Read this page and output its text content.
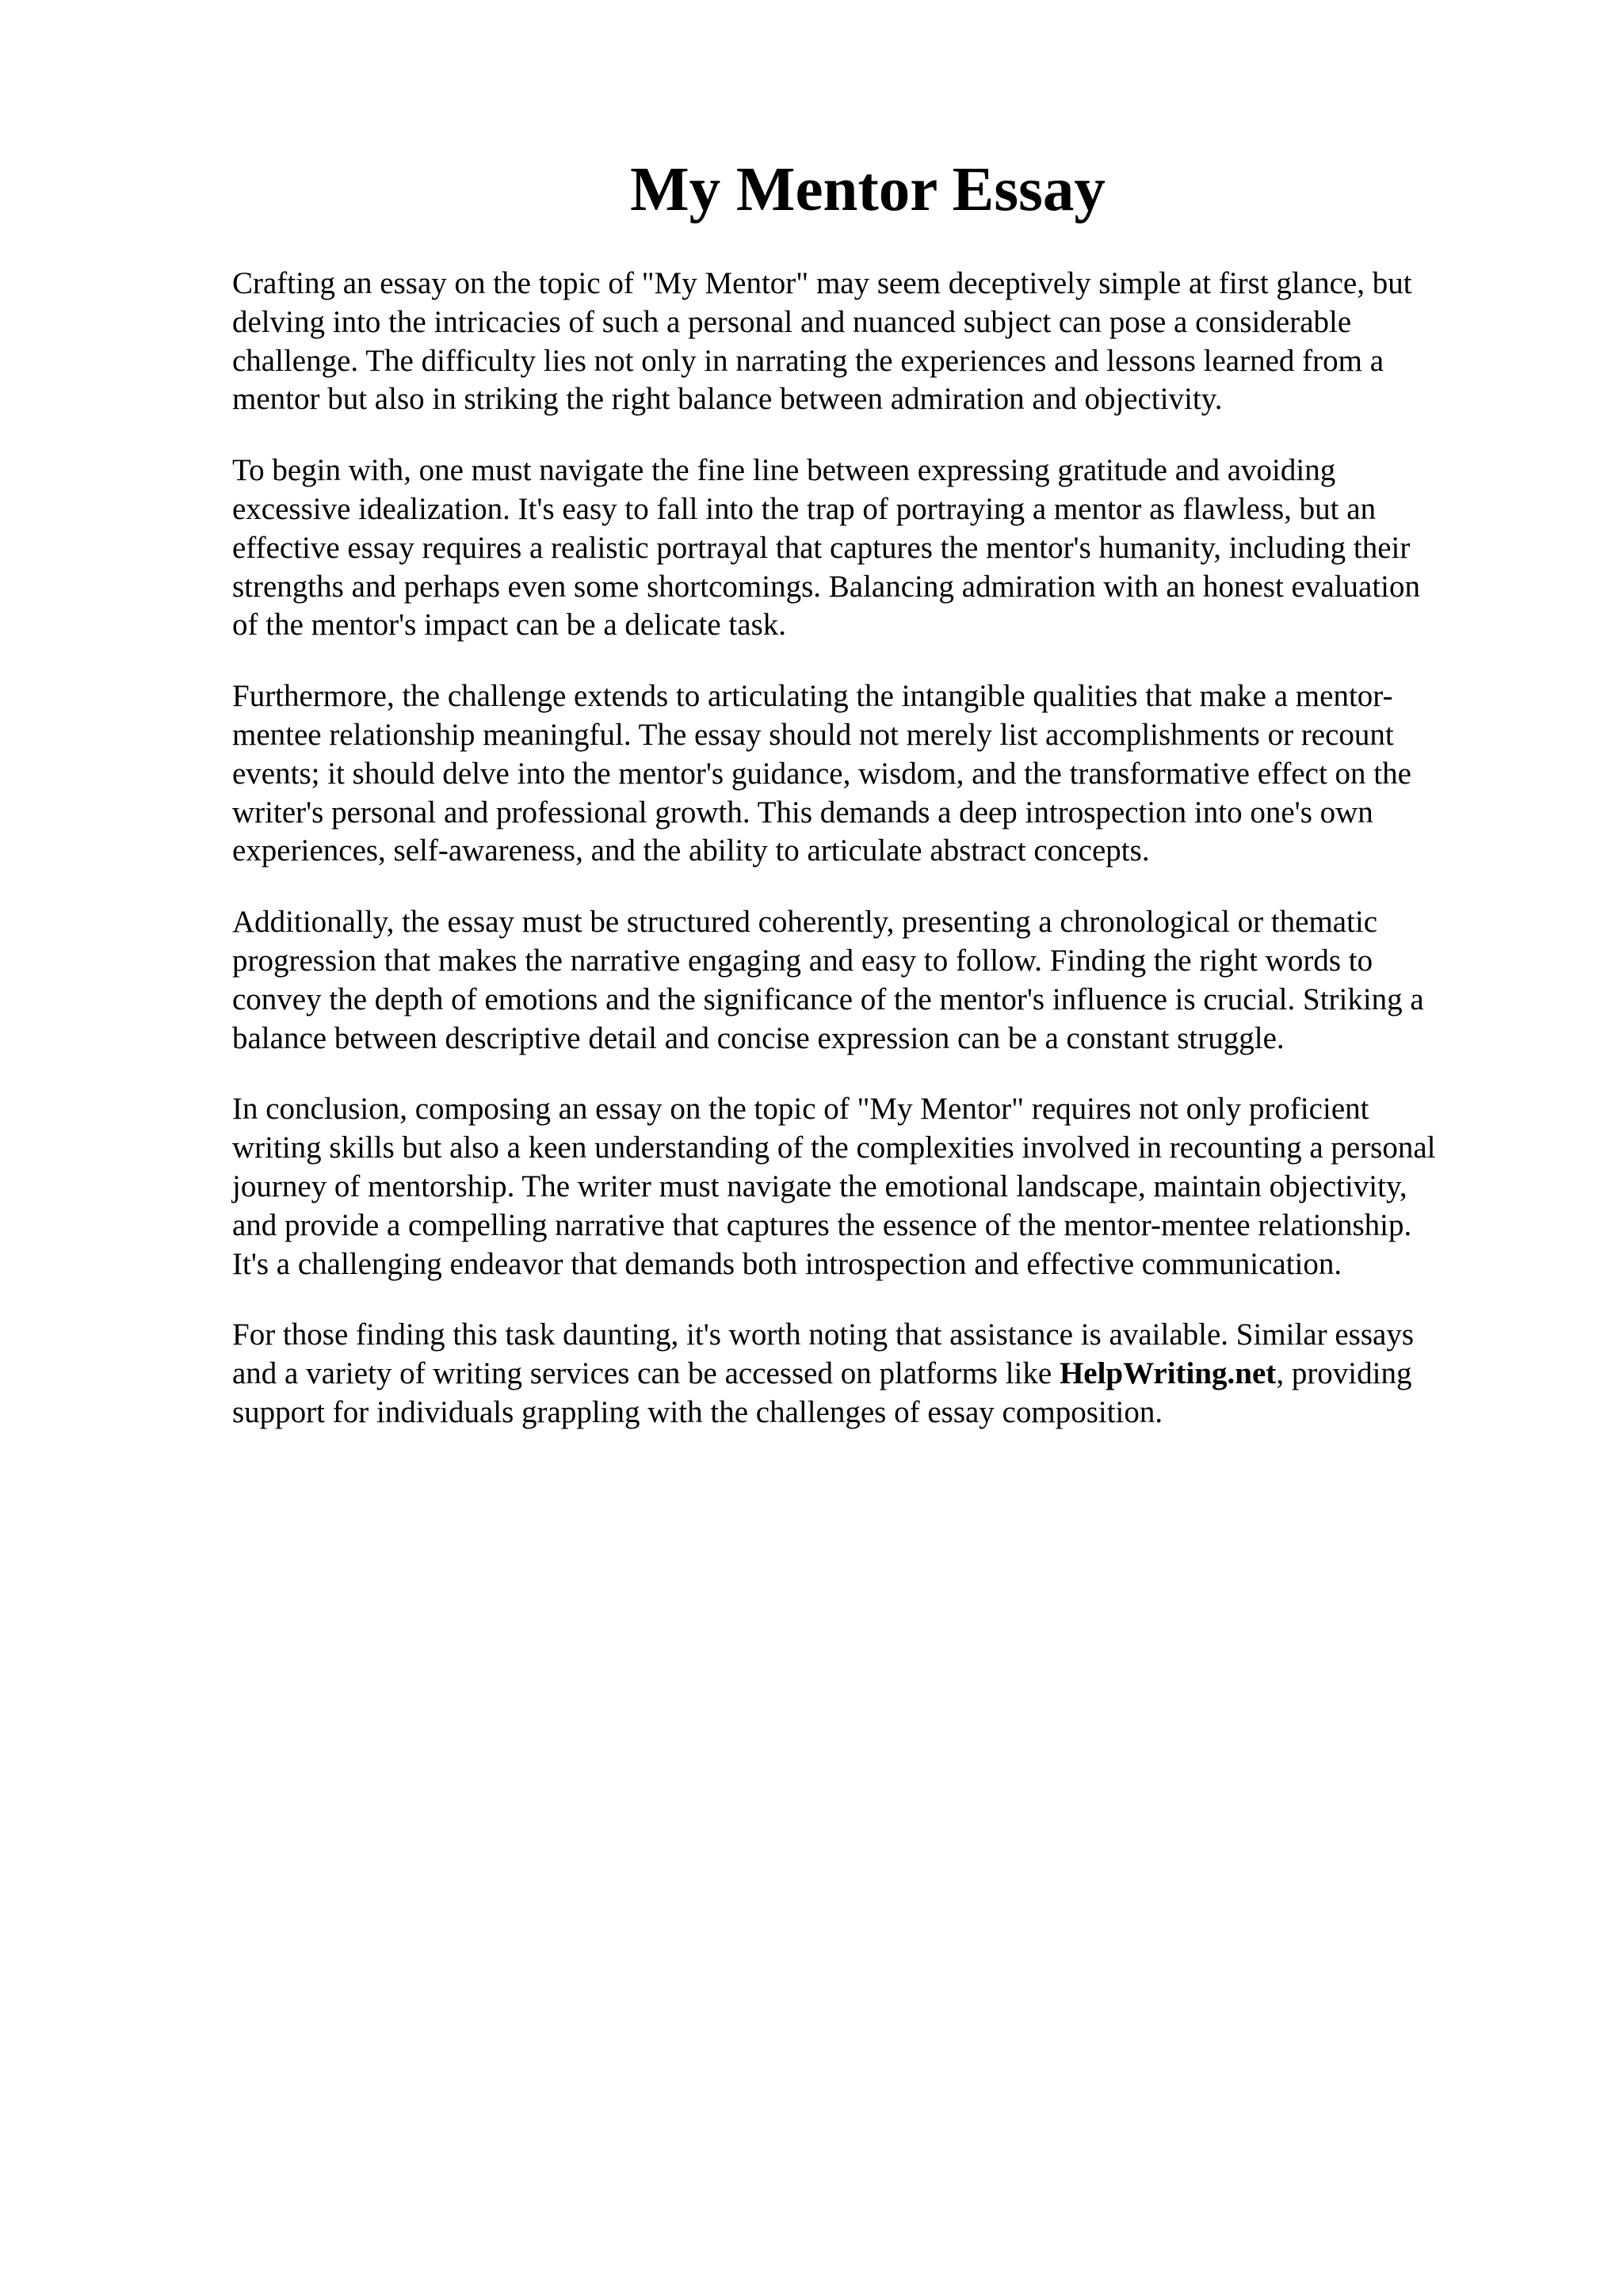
My Mentor Essay

Crafting an essay on the topic of "My Mentor" may seem deceptively simple at first glance, but
delving into the intricacies of such a personal and nuanced subject can pose a considerable
challenge. The difficulty lies not only in narrating the experiences and lessons learned from a
mentor but also in striking the right balance between admiration and objectivity.

To begin with, one must navigate the fine line between expressing gratitude and avoiding
excessive idealization. It's easy to fall into the trap of portraying a mentor as flawless, but an
effective essay requires a realistic portrayal that captures the mentor's humanity, including their
strengths and perhaps even some shortcomings. Balancing admiration with an honest evaluation
of the mentor's impact can be a delicate task.

Furthermore, the challenge extends to articulating the intangible qualities that make a mentor-
mentee relationship meaningful. The essay should not merely list accomplishments or recount
events; it should delve into the mentor's guidance, wisdom, and the transformative effect on the
writer's personal and professional growth. This demands a deep introspection into one's own
experiences, self-awareness, and the ability to articulate abstract concepts.

Additionally, the essay must be structured coherently, presenting a chronological or thematic
progression that makes the narrative engaging and easy to follow. Finding the right words to
convey the depth of emotions and the significance of the mentor's influence is crucial. Striking a
balance between descriptive detail and concise expression can be a constant struggle.

In conclusion, composing an essay on the topic of "My Mentor" requires not only proficient
writing skills but also a keen understanding of the complexities involved in recounting a personal
journey of mentorship. The writer must navigate the emotional landscape, maintain objectivity,
and provide a compelling narrative that captures the essence of the mentor-mentee relationship.
It's a challenging endeavor that demands both introspection and effective communication.

For those finding this task daunting, it's worth noting that assistance is available. Similar essays
and a variety of writing services can be accessed on platforms like HelpWriting.net, providing
support for individuals grappling with the challenges of essay composition.
